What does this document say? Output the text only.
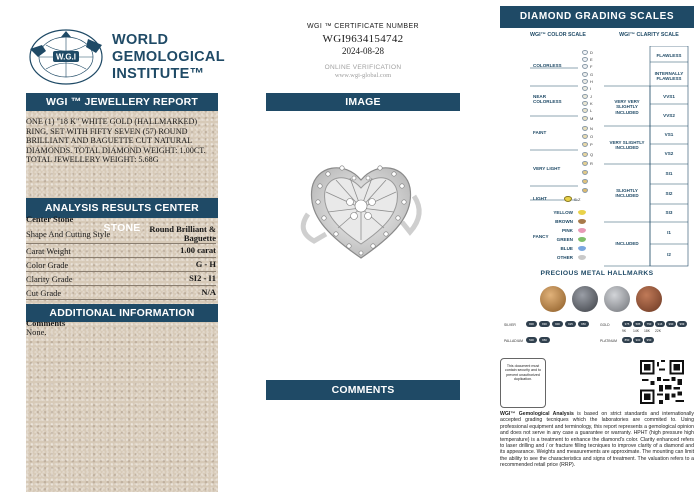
W.G.I
WORLD
GEMOLOGICAL
INSTITUTE™
WGI ™ JEWELLERY REPORT
ONE (1) "18 K" WHITE GOLD (HALLMARKED) RING, SET WITH FIFTY SEVEN (57) ROUND BRILLIANT AND BAGUETTE CUT NATURAL DIAMONDS. TOTAL DIAMOND WEIGHT: 1.00CT. TOTAL JEWELLERY WEIGHT: 5.68G
ANALYSIS RESULTS CENTER STONE
Center Stone
Shape And Cutting Style	Round Brilliant & Baguette
Carat Weight	1.00 carat
Color Grade	G - H
Clarity Grade	SI2 - I1
Cut Grade	N/A
ADDITIONAL INFORMATION
Comments
None.
WGI ™ CERTIFICATE NUMBER
WGI9634154742
2024-08-28
ONLINE VERIFICATION
www.wgi-global.com
IMAGE
COMMENTS
DIAMOND GRADING SCALES
WGI™ COLOR SCALE	WGI™ CLARITY SCALE
COLORLESS
NEAR COLORLESS
FAINT
VERY LIGHT
LIGHT
D
E
F
G
H
I
J
K
L
M
N
O
P
Q
R
S-Z
FANCY
YELLOW
BROWN
PINK
GREEN
BLUE
OTHER
VERY VERY SLIGHTLY INCLUDED
VERY SLIGHTLY INCLUDED
SLIGHTLY INCLUDED
INCLUDED
FLAWLESS
INTERNALLY FLAWLESS
VVS1
VVS2
VS1
VS2
SI1
SI2
SI3
I1
I2
PRECIOUS METAL HALLMARKS
SILVER	800	830	900	925	950
PALLADIUM	500	950
GOLD	375	585	750	916	990	999
9K 14K 18K 22K
PLATINUM	850	900	950
This document must contain security and to prevent unauthorized duplication.
WGI™ Gemological Analysis is based on strict standards and internationally accepted grading tecniques which the laboratories are commited to. Using professional equipment and terminology, this report represents a gemological opinion and does not serve in any case a guarantee or warranty. HPHT (high pressure high temperature) is a treatment to enhance the diamond's color. Clarity enhanced refers to laser drilling and / or fracture filling tecniques to improve clarity of a diamond and its appearance. Weights and measurements are approximate. The mounting can limit the ability to see the characteristics and signs of treatment. The valuation refers to a recommended retail price (RRP).
